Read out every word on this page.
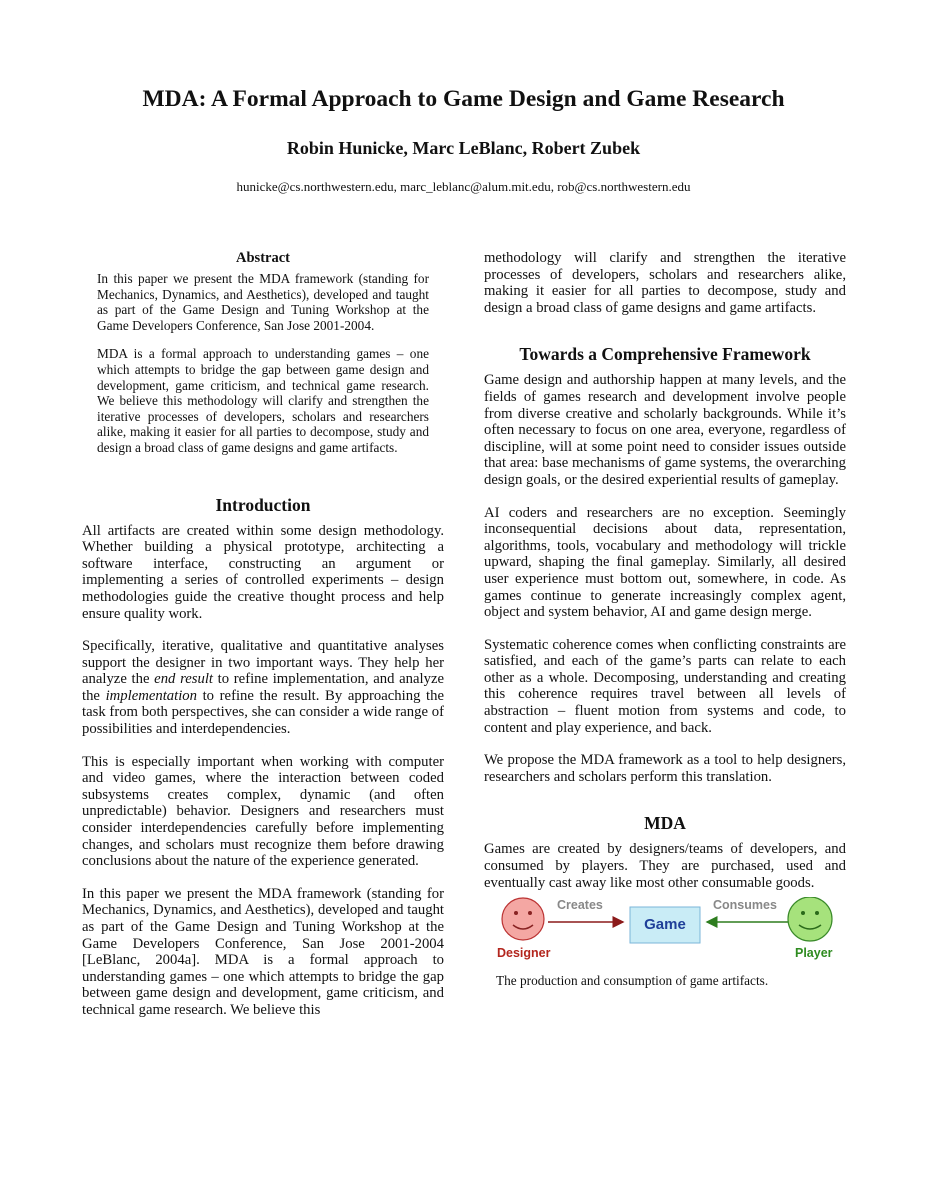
MDA: A Formal Approach to Game Design and Game Research
Robin Hunicke, Marc LeBlanc, Robert Zubek
hunicke@cs.northwestern.edu, marc_leblanc@alum.mit.edu, rob@cs.northwestern.edu
Abstract

In this paper we present the MDA framework (standing for Mechanics, Dynamics, and Aesthetics), developed and taught as part of the Game Design and Tuning Workshop at the Game Developers Conference, San Jose 2001-2004.

MDA is a formal approach to understanding games – one which attempts to bridge the gap between game design and development, game criticism, and technical game research. We believe this methodology will clarify and strengthen the iterative processes of developers, scholars and researchers alike, making it easier for all parties to decompose, study and design a broad class of game designs and game artifacts.

Introduction

All artifacts are created within some design methodology. Whether building a physical prototype, architecting a software interface, constructing an argument or implementing a series of controlled experiments – design methodologies guide the creative thought process and help ensure quality work.

Specifically, iterative, qualitative and quantitative analyses support the designer in two important ways. They help her analyze the end result to refine implementation, and analyze the implementation to refine the result. By approaching the task from both perspectives, she can consider a wide range of possibilities and interdependencies.

This is especially important when working with computer and video games, where the interaction between coded subsystems creates complex, dynamic (and often unpredictable) behavior. Designers and researchers must consider interdependencies carefully before implementing changes, and scholars must recognize them before drawing conclusions about the nature of the experience generated.

In this paper we present the MDA framework (standing for Mechanics, Dynamics, and Aesthetics), developed and taught as part of the Game Design and Tuning Workshop at the Game Developers Conference, San Jose 2001-2004 [LeBlanc, 2004a]. MDA is a formal approach to understanding games – one which attempts to bridge the gap between game design and development, game criticism, and technical game research. We believe this

methodology will clarify and strengthen the iterative processes of developers, scholars and researchers alike, making it easier for all parties to decompose, study and design a broad class of game designs and game artifacts.

Towards a Comprehensive Framework

Game design and authorship happen at many levels, and the fields of games research and development involve people from diverse creative and scholarly backgrounds. While it’s often necessary to focus on one area, everyone, regardless of discipline, will at some point need to consider issues outside that area: base mechanisms of game systems, the overarching design goals, or the desired experiential results of gameplay.

AI coders and researchers are no exception. Seemingly inconsequential decisions about data, representation, algorithms, tools, vocabulary and methodology will trickle upward, shaping the final gameplay. Similarly, all desired user experience must bottom out, somewhere, in code. As games continue to generate increasingly complex agent, object and system behavior, AI and game design merge.

Systematic coherence comes when conflicting constraints are satisfied, and each of the game’s parts can relate to each other as a whole. Decomposing, understanding and creating this coherence requires travel between all levels of abstraction – fluent motion from systems and code, to content and play experience, and back.

We propose the MDA framework as a tool to help designers, researchers and scholars perform this translation.

MDA

Games are created by designers/teams of developers, and consumed by players. They are purchased, used and eventually cast away like most other consumable goods.

Creates
Game
Consumes
Designer	Player
The production and consumption of game artifacts.
